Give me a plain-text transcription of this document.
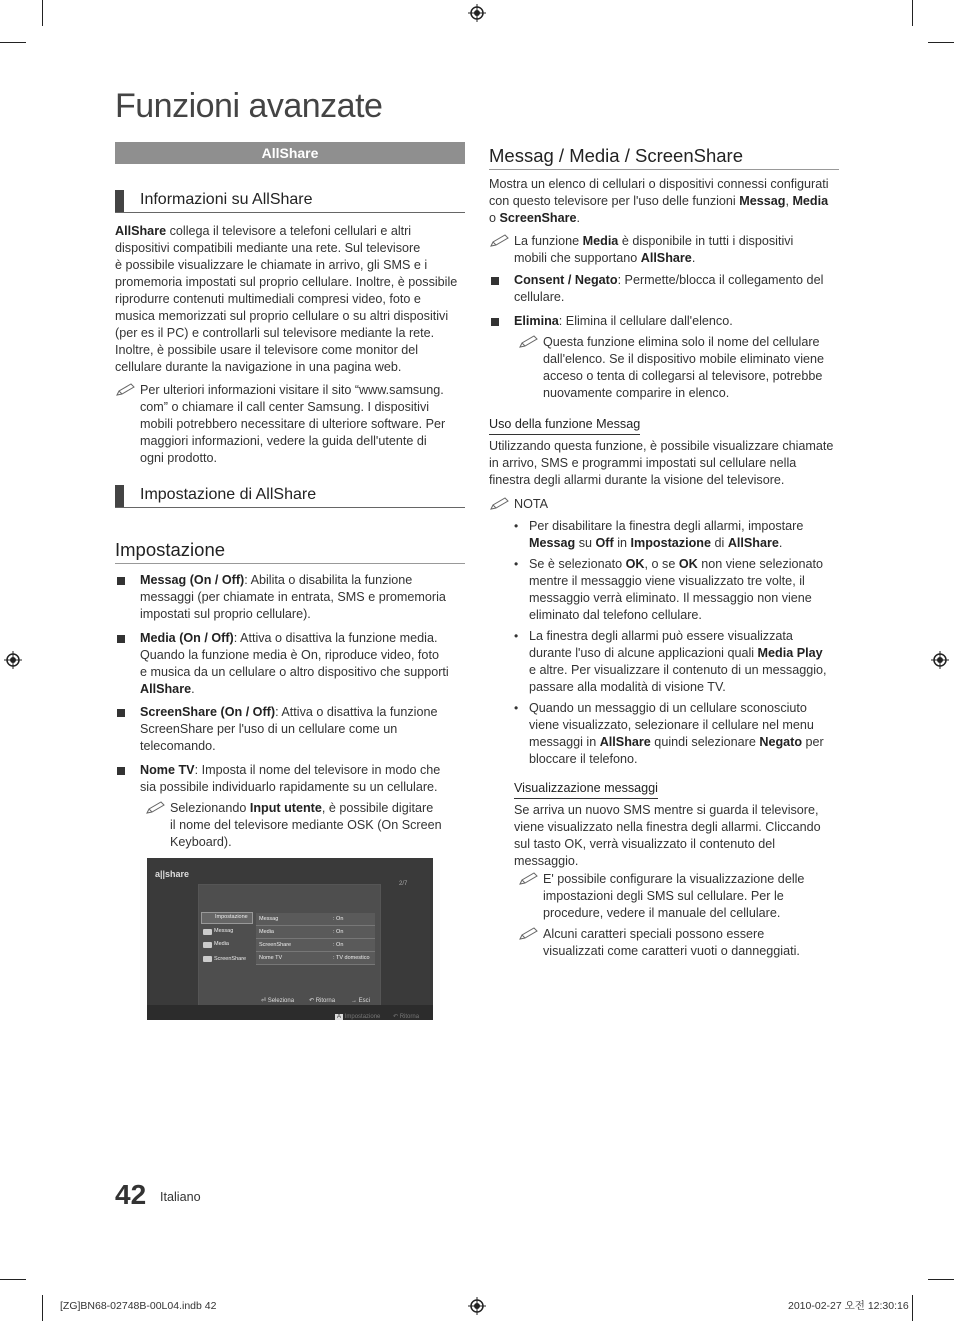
Funzioni avanzate
AllShare
Informazioni su AllShare
AllShare collega il televisore a telefoni cellulari e altri
dispositivi compatibili mediante una rete. Sul televisore
è possibile visualizzare le chiamate in arrivo, gli SMS e i
promemoria impostati sul proprio cellulare. Inoltre, è possibile
riprodurre contenuti multimediali compresi video, foto e
musica memorizzati sul proprio cellulare o su altri dispositivi
(per es il PC) e controllarli sul televisore mediante la rete.
Inoltre, è possibile usare il televisore come monitor del
cellulare durante la navigazione in una pagina web.
Per ulteriori informazioni visitare il sito “www.samsung.
com” o chiamare il call center Samsung. I dispositivi
mobili potrebbero necessitare di ulteriore software. Per
maggiori informazioni, vedere la guida dell'utente di
ogni prodotto.
Impostazione di AllShare
Impostazione
Messag (On / Off): Abilita o disabilita la funzione
messaggi (per chiamate in entrata, SMS e promemoria
impostati sul proprio cellulare).
Media (On / Off): Attiva o disattiva la funzione media.
Quando la funzione media è On, riproduce video, foto
e musica da un cellulare o altro dispositivo che supporti
AllShare.
ScreenShare (On / Off): Attiva o disattiva la funzione
ScreenShare per l'uso di un cellulare come un
telecomando.
Nome TV: Imposta il nome del televisore in modo che
sia possibile individuarlo rapidamente su un cellulare.
Selezionando Input utente, è possibile digitare
il nome del televisore mediante OSK (On Screen
Keyboard).
a||share
2/7
Impostazione
Messag
Media
ScreenShare
⏎ Seleziona ↶ Ritorna	→ Esci
Messag	: On
Media	: On
ScreenShare	: On
Nome TV	: TV domestico
A Impostazione ↶ Ritorna
Messag / Media / ScreenShare
Mostra un elenco di cellulari o dispositivi connessi configurati
con questo televisore per l'uso delle funzioni Messag, Media
o ScreenShare.
La funzione Media è disponibile in tutti i dispositivi
mobili che supportano AllShare.
Consent / Negato: Permette/blocca il collegamento del
cellulare.
Elimina: Elimina il cellulare dall'elenco.
Questa funzione elimina solo il nome del cellulare
dall'elenco. Se il dispositivo mobile eliminato viene
acceso o tenta di collegarsi al televisore, potrebbe
nuovamente comparire in elenco.
Uso della funzione Messag
Utilizzando questa funzione, è possibile visualizzare chiamate
in arrivo, SMS e programmi impostati sul cellulare nella
finestra degli allarmi durante la visione del televisore.
NOTA
• Per disabilitare la finestra degli allarmi, impostare
Messag su Off in Impostazione di AllShare.
• Se è selezionato OK, o se OK non viene selezionato
mentre il messaggio viene visualizzato tre volte, il
messaggio verrà eliminato. Il messaggio non viene
eliminato dal telefono cellulare.
• La finestra degli allarmi può essere visualizzata
durante l'uso di alcune applicazioni quali Media Play
e altre. Per visualizzare il contenuto di un messaggio,
passare alla modalità di visione TV.
• Quando un messaggio di un cellulare sconosciuto
viene visualizzato, selezionare il cellulare nel menu
messaggi in AllShare quindi selezionare Negato per
bloccare il telefono.
Visualizzazione messaggi
Se arriva un nuovo SMS mentre si guarda il televisore,
viene visualizzato nella finestra degli allarmi. Cliccando
sul tasto OK, verrà visualizzato il contenuto del
messaggio.
E' possibile configurare la visualizzazione delle
impostazioni degli SMS sul cellulare. Per le
procedure, vedere il manuale del cellulare.
Alcuni caratteri speciali possono essere
visualizzati come caratteri vuoti o danneggiati.
42 Italiano
[ZG]BN68-02748B-00L04.indb 42	2010-02-27 오전 12:30:16
